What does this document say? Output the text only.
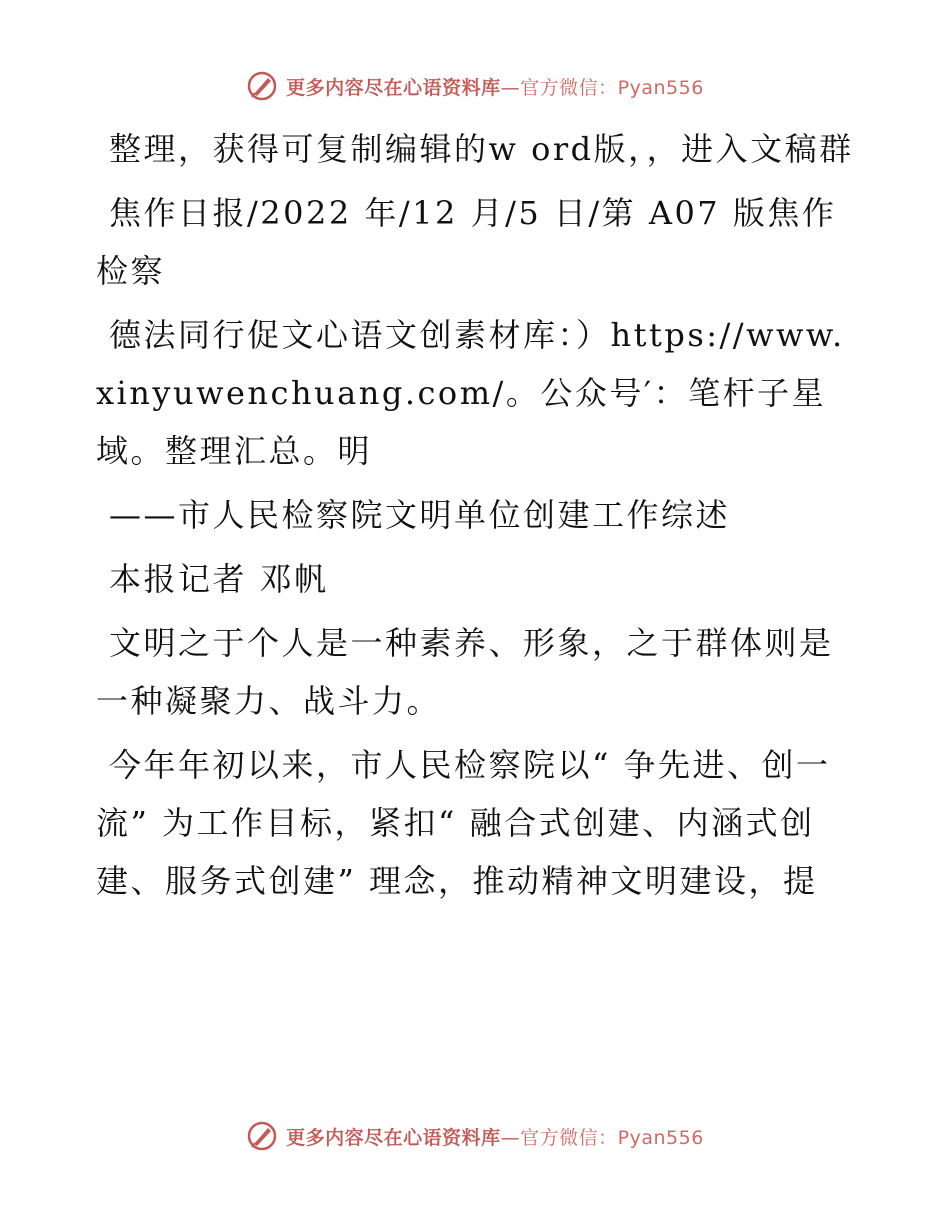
更多内容尽在心语资料库—官方微信：Pyan556

整理，获得可复制编辑的w ord版，，进入文稿群

焦作日报/2022 年/12 月/5 日/第 A07 版焦作检察

德法同行促文心语文创素材库：）https://www.xinyuwenchuang.com/。公众号′：笔杆子星域。整理汇总。明

——市人民检察院文明单位创建工作综述

本报记者 邓帆

文明之于个人是一种素养、形象，之于群体则是一种凝聚力、战斗力。

今年年初以来，市人民检察院以“ 争先进、创一流” 为工作目标，紧扣“ 融合式创建、内涵式创建、服务式创建” 理念，推动精神文明建设，提

更多内容尽在心语资料库—官方微信：Pyan556
